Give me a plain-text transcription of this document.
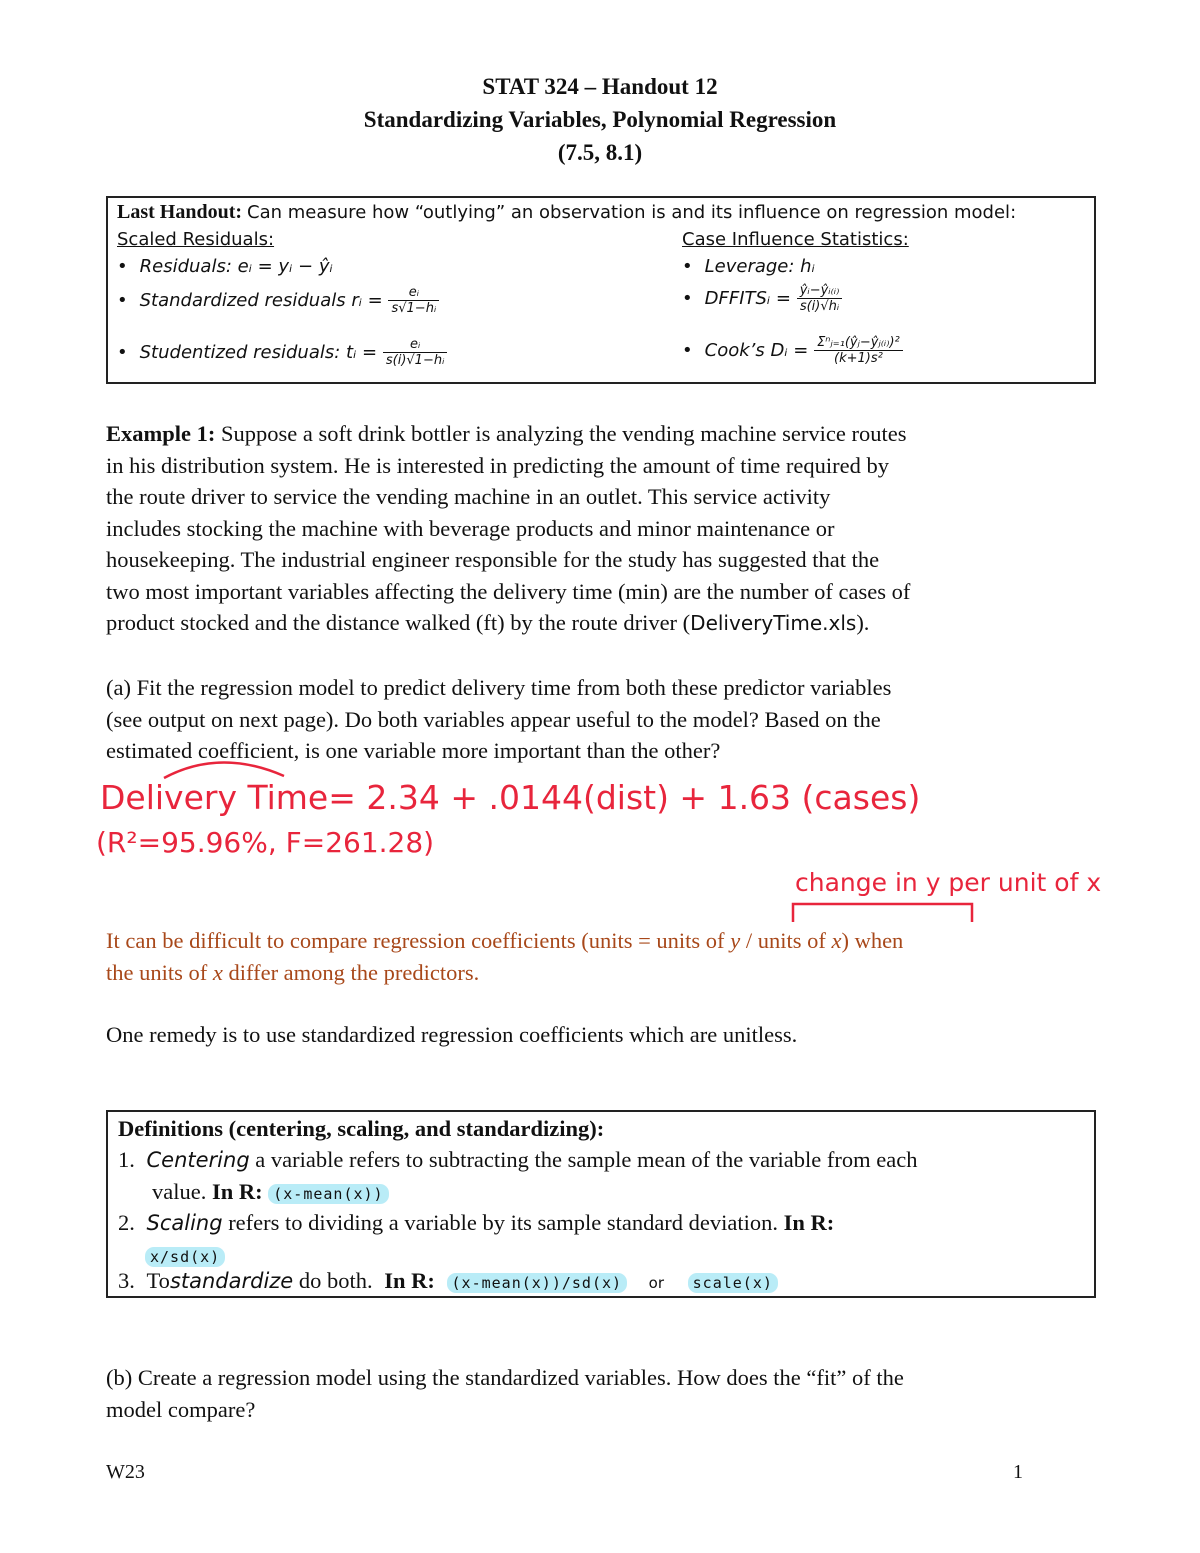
STAT 324 – Handout 12
Standardizing Variables, Polynomial Regression
(7.5, 8.1)
Last Handout: Can measure how “outlying” an observation is and its influence on regression model:
Scaled Residuals:	Case Influence Statistics:
• Residuals: eᵢ = yᵢ − ŷᵢ	• Leverage: hᵢ
• Standardized residuals rᵢ = $\frac{\text{eᵢ}}{\text{s√1−hᵢ}}$	• DFFITSᵢ = $\frac{\text{ŷᵢ−ŷᵢ₍ᵢ₎}}{\text{s(i)√hᵢ}}$
• Studentized residuals: tᵢ = $\frac{\text{eᵢ}}{\text{s(i)√1−hᵢ}}$	• Cook’s Dᵢ = $\frac{\text{Σⁿⱼ₌₁(ŷⱼ−ŷⱼ₍ᵢ₎)²}}{\text{(k+1)s²}}$
Example 1: Suppose a soft drink bottler is analyzing the vending machine service routes
in his distribution system. He is interested in predicting the amount of time required by
the route driver to service the vending machine in an outlet. This service activity
includes stocking the machine with beverage products and minor maintenance or
housekeeping. The industrial engineer responsible for the study has suggested that the
two most important variables affecting the delivery time (min) are the number of cases of
product stocked and the distance walked (ft) by the route driver (DeliveryTime.xls).
(a) Fit the regression model to predict delivery time from both these predictor variables
(see output on next page). Do both variables appear useful to the model? Based on the
estimated coefficient, is one variable more important than the other?
Delivery Time= 2.34 + .0144(dist) + 1.63 (cases)
(R²=95.96%, F=261.28)
change in y per unit of x
It can be difficult to compare regression coefficients (units = units of y / units of x) when
the units of x differ among the predictors.
One remedy is to use standardized regression coefficients which are unitless.
Definitions (centering, scaling, and standardizing):
1. Centering a variable refers to subtracting the sample mean of the variable from each
value. In R: (x-mean(x))
2. Scaling refers to dividing a variable by its sample standard deviation. In R:
x/sd(x)
3. Tostandardize do both. In R: (x-mean(x))/sd(x) or scale(x)
(b) Create a regression model using the standardized variables. How does the “fit” of the
model compare?
W23	1
